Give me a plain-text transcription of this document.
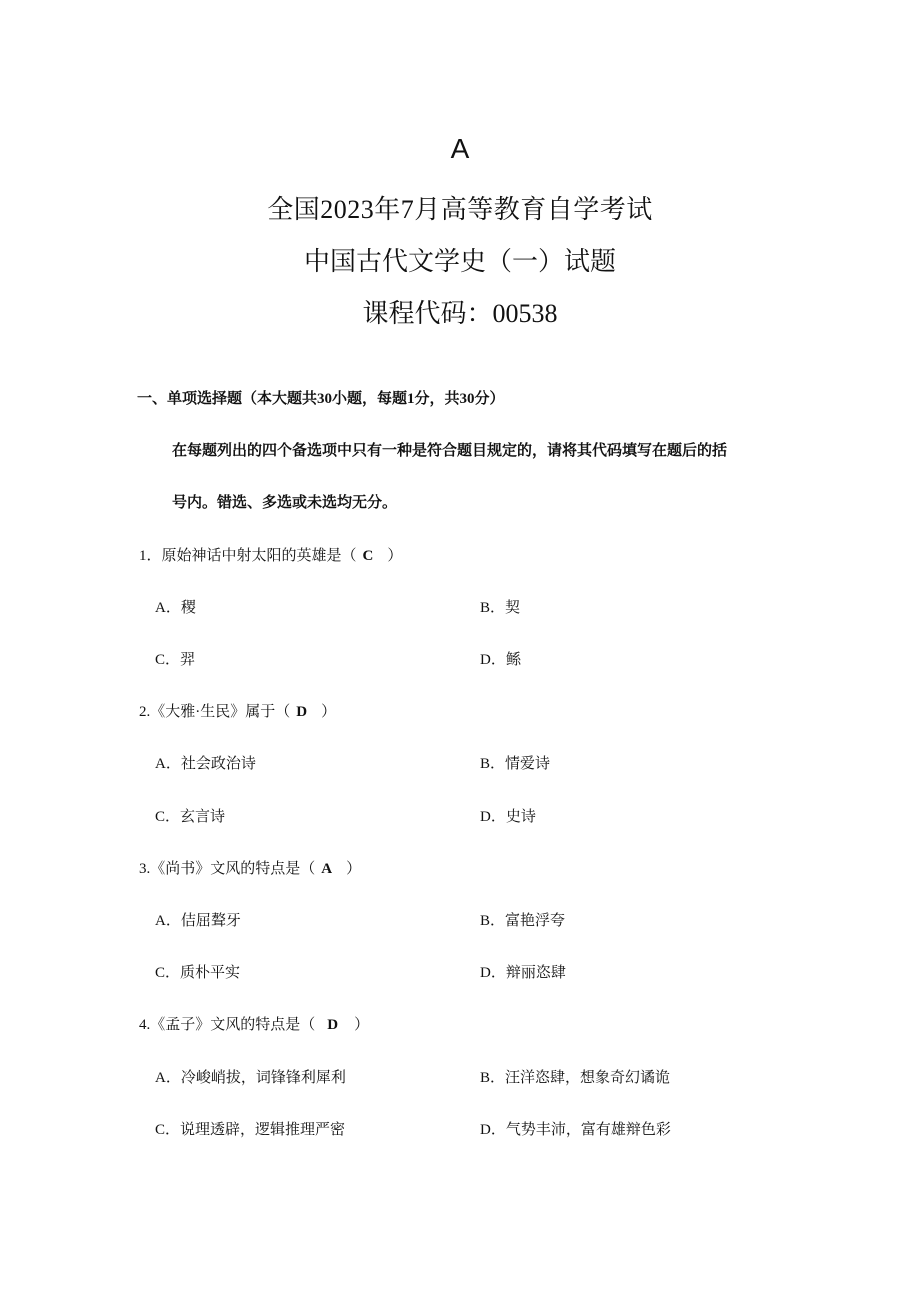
A
全国2023年7月高等教育自学考试
中国古代文学史（一）试题
课程代码：00538
一、单项选择题（本大题共30小题，每题1分，共30分）
在每题列出的四个备选项中只有一种是符合题目规定的，请将其代码填写在题后的括
号内。错选、多选或未选均无分。
1．原始神话中射太阳的英雄是（ C ）
A．稷	B．契
C．羿	D．鲧
2.《大雅·生民》属于（ D ）
A．社会政治诗	B．情爱诗
C．玄言诗	D．史诗
3.《尚书》文风的特点是（ A ）
A．佶屈聱牙	B．富艳浮夸
C．质朴平实	D．辩丽恣肆
4.《孟子》文风的特点是（ D ）
A．冷峻峭拔，词锋锋利犀利	B．汪洋恣肆，想象奇幻谲诡
C．说理透辟，逻辑推理严密	D．气势丰沛，富有雄辩色彩
